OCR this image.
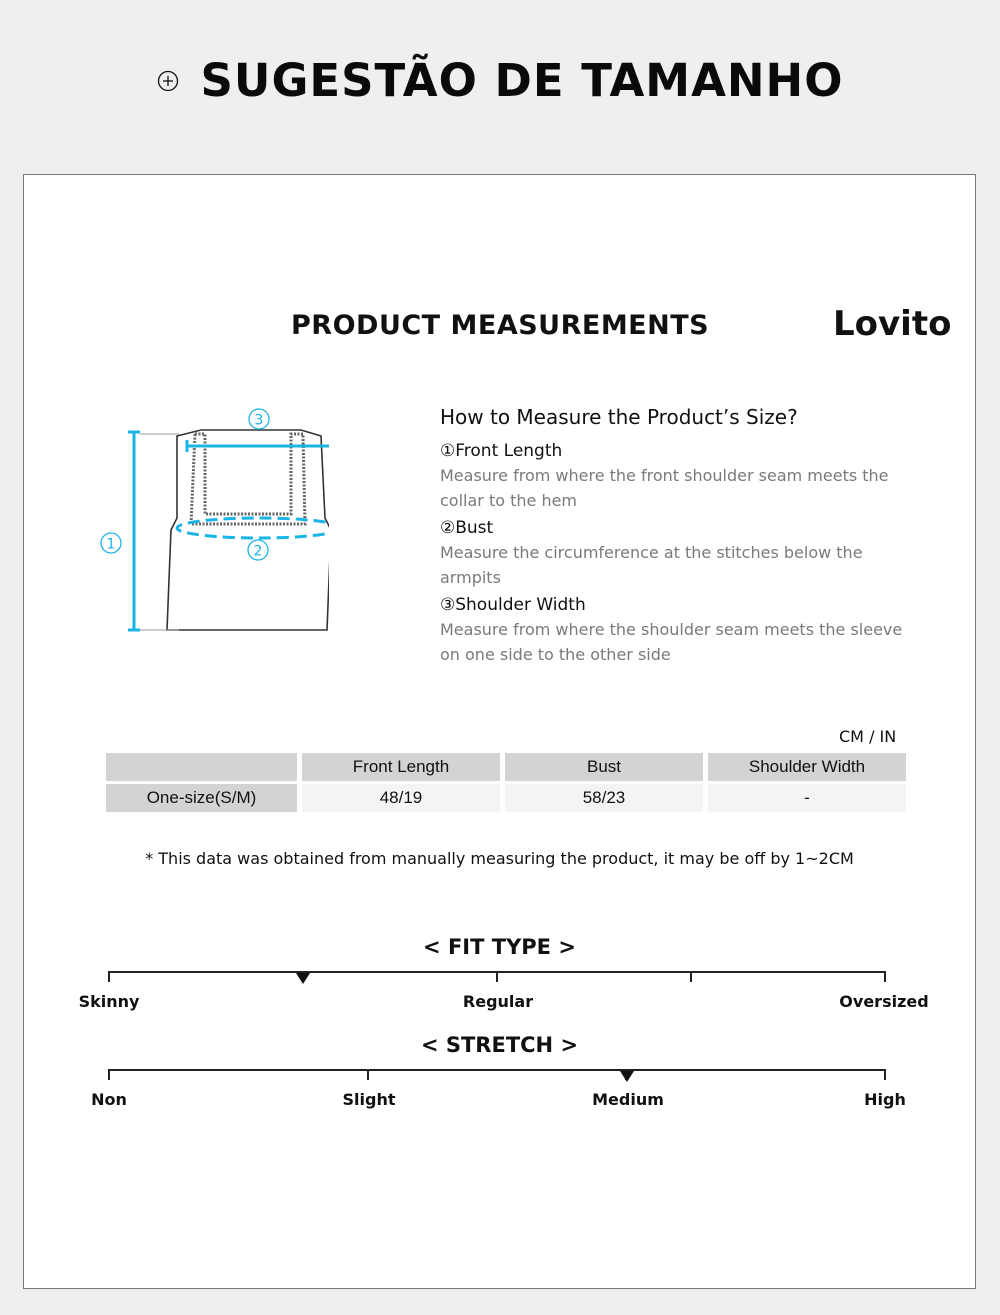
SUGESTÃO DE TAMANHO
PRODUCT MEASUREMENTS	Lovito
1	2
3	How to Measure the Product’s Size?
①Front Length
Measure from where the front shoulder seam meets the collar to the hem
②Bust
Measure the circumference at the stitches below the armpits
③Shoulder Width
Measure from where the shoulder seam meets the sleeve on one side to the other side
CM / IN
	Front Length	Bust	Shoulder Width
One-size(S/M)	48/19	58/23	-
* This data was obtained from manually measuring the product, it may be off by 1~2CM
< FIT TYPE >
Skinny	Regular	Oversized
< STRETCH >
Non	Slight	Medium	High
